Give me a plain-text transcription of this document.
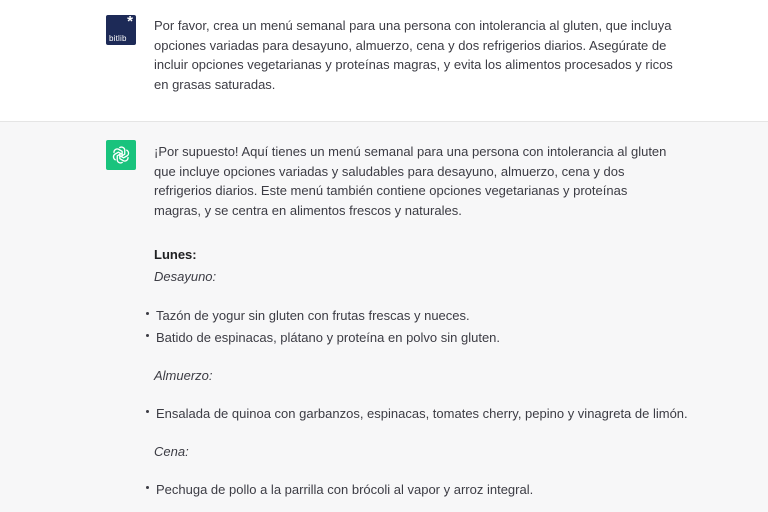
*
bitlib
Por favor, crea un menú semanal para una persona con intolerancia al gluten, que incluya opciones variadas para desayuno, almuerzo, cena y dos refrigerios diarios. Asegúrate de incluir opciones vegetarianas y proteínas magras, y evita los alimentos procesados y ricos en grasas saturadas.
¡Por supuesto! Aquí tienes un menú semanal para una persona con intolerancia al gluten que incluye opciones variadas y saludables para desayuno, almuerzo, cena y dos refrigerios diarios. Este menú también contiene opciones vegetarianas y proteínas magras, y se centra en alimentos frescos y naturales.
Lunes:
Desayuno:
Tazón de yogur sin gluten con frutas frescas y nueces.
Batido de espinacas, plátano y proteína en polvo sin gluten.
Almuerzo:
Ensalada de quinoa con garbanzos, espinacas, tomates cherry, pepino y vinagreta de limón.
Cena:
Pechuga de pollo a la parrilla con brócoli al vapor y arroz integral.
